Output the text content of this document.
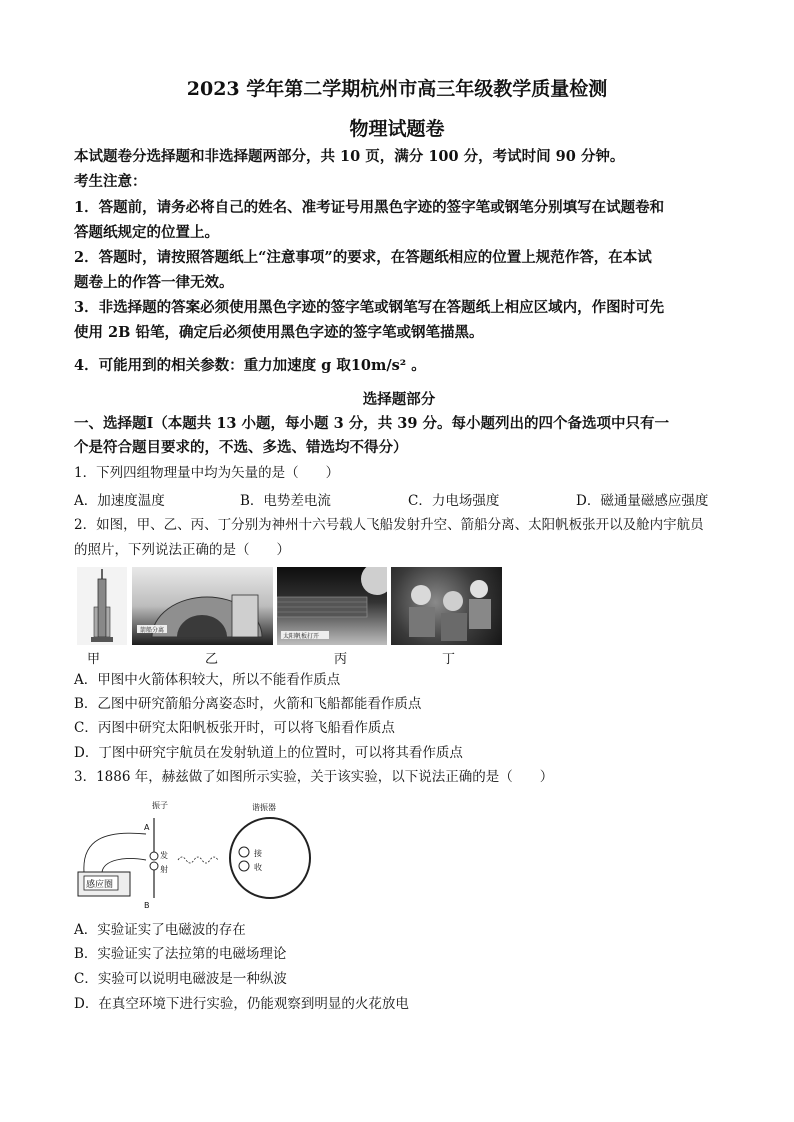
2023 学年第二学期杭州市高三年级教学质量检测
物理试题卷
本试题卷分选择题和非选择题两部分，共 10 页，满分 100 分，考试时间 90 分钟。
考生注意：
1．答题前，请务必将自己的姓名、准考证号用黑色字迹的签字笔或钢笔分别填写在试题卷和
答题纸规定的位置上。
2．答题时，请按照答题纸上“注意事项”的要求，在答题纸相应的位置上规范作答，在本试
题卷上的作答一律无效。
3．非选择题的答案必须使用黑色字迹的签字笔或钢笔写在答题纸上相应区域内，作图时可先
使用 2B 铅笔，确定后必须使用黑色字迹的签字笔或钢笔描黑。
4．可能用到的相关参数：重力加速度 g 取10m/s² 。
选择题部分
一、选择题Ⅰ（本题共 13 小题，每小题 3 分，共 39 分。每小题列出的四个备选项中只有一
个是符合题目要求的，不选、多选、错选均不得分）
1．下列四组物理量中均为矢量的是（　　）
A．加速度温度	B．电势差电流	C．力电场强度	D．磁通量磁感应强度
2．如图，甲、乙、丙、丁分别为神州十六号载人飞船发射升空、箭船分离、太阳帆板张开以及舱内宇航员
的照片，下列说法正确的是（　　）
箭船分离
太阳帆板打开
甲	乙	丙	丁
A．甲图中火箭体积较大，所以不能看作质点
B．乙图中研究箭船分离姿态时，火箭和飞船都能看作质点
C．丙图中研究太阳帆板张开时，可以将飞船看作质点
D．丁图中研究宇航员在发射轨道上的位置时，可以将其看作质点
3．1886 年，赫兹做了如图所示实验，关于该实验，以下说法正确的是（　　）
感应圈
振子
A
B
发
射
谐振器
接
收
A．实验证实了电磁波的存在
B．实验证实了法拉第的电磁场理论
C．实验可以说明电磁波是一种纵波
D．在真空环境下进行实验，仍能观察到明显的火花放电
